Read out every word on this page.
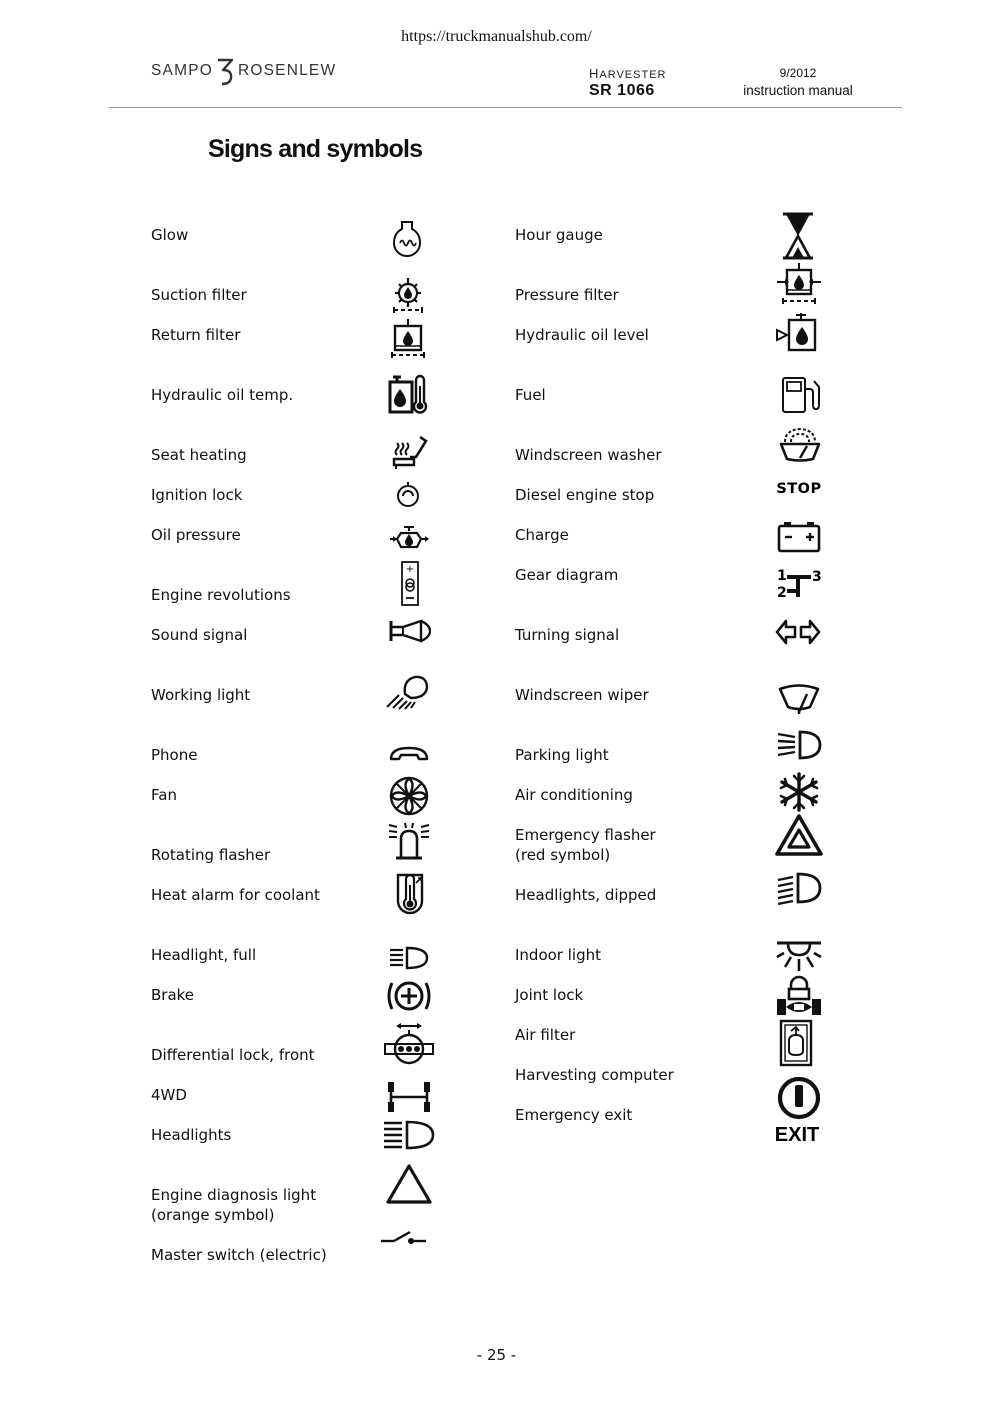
https://truckmanualshub.com/
SAMPO ROSENLEW	HARVESTER
SR 1066
9/2012
instruction manual
Signs and symbols
Glow
Suction filter
Return filter
Hydraulic oil temp.
Seat heating
Ignition lock
Oil pressure
Engine revolutions
Sound signal
Working light
Phone
Fan
Rotating flasher
Heat alarm for coolant
Headlight, full
Brake
Differential lock, front
4WD
Headlights
Engine diagnosis light
(orange symbol)
Master switch (electric)
Hour gauge
Pressure filter
Hydraulic oil level
Fuel
Windscreen washer
Diesel engine stop
Charge
Gear diagram
Turning signal
Windscreen wiper
Parking light
Air conditioning
Emergency flasher
(red symbol)
Headlights, dipped
Indoor light
Joint lock
Air filter
Harvesting computer
Emergency exit
+
STOP
1
2
3
EXIT
- 25 -
